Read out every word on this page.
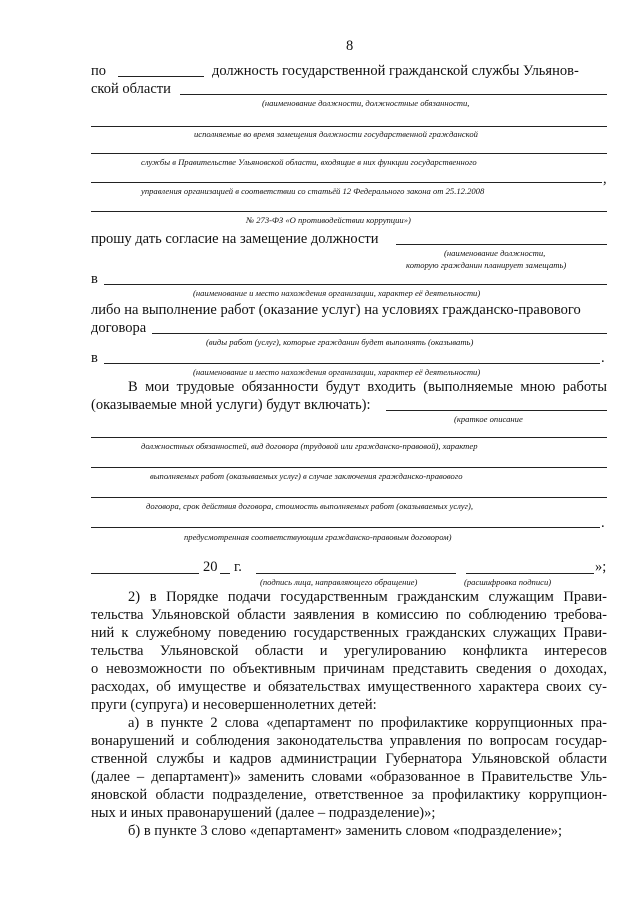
8
по	должность государственной гражданской службы Ульянов-
ской области
(наименование должности, должностные обязанности,
исполняемые во время замещения должности государственной гражданской
службы в Правительстве Ульяновской области, входящие в них функции государственного
,
управления организацией в соответствии со статьёй 12 Федерального закона от 25.12.2008
№ 273-ФЗ «О противодействии коррупции»)
прошу дать согласие на замещение должности
(наименование должности,
которую гражданин планирует замещать)
в
(наименование и место нахождения организации, характер её деятельности)
либо на выполнение работ (оказание услуг) на условиях гражданско-правового
договора
(виды работ (услуг), которые гражданин будет выполнять (оказывать)
в	.
(наименование и место нахождения организации, характер её деятельности)
В мои трудовые обязанности будут входить (выполняемые мною работы
(оказываемые мной услуги) будут включать):
(краткое описание
должностных обязанностей, вид договора (трудовой или гражданско-правовой), характер
выполняемых работ (оказываемых услуг) в случае заключения гражданско-правового
договора, срок действия договора, стоимость выполняемых работ (оказываемых услуг),
.
предусмотренная соответствующим гражданско-правовым договором)
20 г.	»;
(подпись лица, направляющего обращение)	(расшифровка подписи)
2) в Порядке подачи государственным гражданским служащим Прави-
тельства Ульяновской области заявления в комиссию по соблюдению требова-
ний к служебному поведению государственных гражданских служащих Прави-
тельства Ульяновской области и урегулированию конфликта интересов
о невозможности по объективным причинам представить сведения о доходах,
расходах, об имуществе и обязательствах имущественного характера своих су-
пруги (супруга) и несовершеннолетних детей:
а) в пункте 2 слова «департамент по профилактике коррупционных пра-
вонарушений и соблюдения законодательства управления по вопросам государ-
ственной службы и кадров администрации Губернатора Ульяновской области
(далее – департамент)» заменить словами «образованное в Правительстве Уль-
яновской области подразделение, ответственное за профилактику коррупцион-
ных и иных правонарушений (далее – подразделение)»;
б) в пункте 3 слово «департамент» заменить словом «подразделение»;
